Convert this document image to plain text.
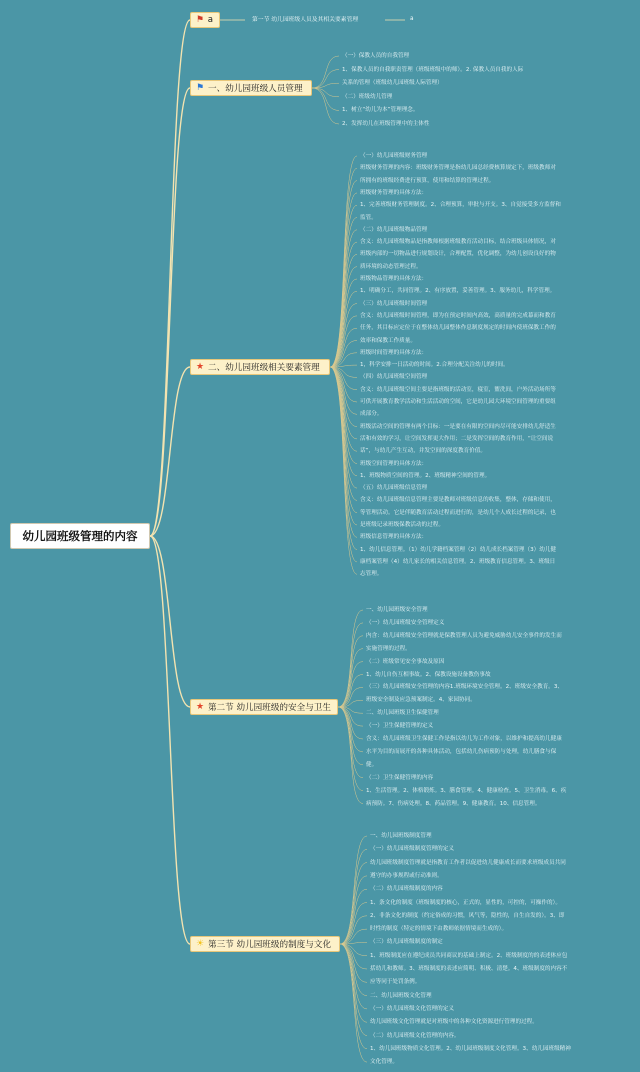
幼儿园班级管理的内容
⚑ a	第一节 幼儿园班级人员及其相关要素管理	a
⚑ 一、幼儿园班级人员管理
★ 二、幼儿园班级相关要素管理
★ 第二节 幼儿园班级的安全与卫生
☀ 第三节 幼儿园班级的制度与文化
（一）保教人员的自我管理
1、保教人员的自我职责管理（班级班级中的师）。2. 保教人员自我的人际
关系的管理（班级幼儿园班级人际管理）
（二）班级幼儿管理
1、树立“幼儿为本”管理理念。
2、发挥幼儿在班级管理中的主体性
（一）幼儿园班级财务管理
班级财务管理的内容：班级财务管理是指幼儿园总经费核算规定下，班级教师对
所拥有的班级经费进行预算，使用和结算的管理过程。
班级财务管理的具体方法：
1、完善班级财务管理制度。2、合理预算，审批与开支。3、自觉接受多方监督和
监管。
（二）幼儿园班级物品管理
含义：幼儿园班级物品是指教师根据班级教育活动目标，结合班级具体情况，对
班级内部的一切物品进行规划设计，合理配置，优化调整，为幼儿创设良好的物
质环境的动态管理过程。
班级物品管理的具体方法：
1、明确分工，共同管理。2、有序放置，妥善管理。3、服务幼儿，科学管理。
（三）幼儿园班级时间管理
含义：幼儿园班级时间管理，即为在预定时间内高效，高质量的完成幕而和教育
任务，其目标应定位于在整体幼儿园整体作息制度规定的时间内使班保教工作的
效率和保教工作质量。
班级时间管理的具体方法：
1，科学安排一日活动的时间。2.合理分配关注幼儿的时间。
（四）幼儿园班级空间管理
含义：幼儿园班级空间主要是指班级的活动室，寝室，盥洗间，户外活动场所等
可供开展教育教学活动和生活活动的空间，它是幼儿园大环境空间管理的重要组
成部分。
班级活动空间的管理有两个目标：一是要在有限的空间内尽可能安排幼儿舒适生
活和有效的学习，让空间发挥更大作用；二是发挥空间的教育作用，“让空间说
话”，与幼儿产生互动，并发空间的深度教育价值。
班级空间管理的具体方法：
1、班级物质空间的管理。2、班级精神空间的管理。
（五）幼儿园班级信息管理
含义：幼儿园班级信息管理主要是教师对班级信息的收集，整体，存储和使用，
等管理活动。它是伴随教育活动过程而进行的，是幼儿个人成长过程的记录，也
是班级记录班级保教活动的过程。
班级信息管理的具体方法：
1、幼儿信息管理。（1）幼儿学籍档案管理（2）幼儿成长档案管理（3）幼儿健
康档案管理（4）幼儿家长的相关信息管理。2、班级教育信息管理。3、班级日
志管理。
一、幼儿园班级安全管理
（一）幼儿园班级安全管理定义
内含：幼儿园班级安全管理就是保教管理人员为避免威胁幼儿安全事件的发生而
实施管理的过程。
（二）班级常见安全事故及原因
1、幼儿自伤互相事故。2、保教设施设备教伤事故
（三）幼儿园班级安全管理的内容1.班级环境安全管理。2、班级安全教育。3、
班级安全制及应急预案制定。4、家园协同。
二、幼儿园班级卫生保健管理
（一）卫生保健管理的定义
含义：幼儿园班级卫生保健工作是指以幼儿为工作对象，以维护和提高幼儿健康
水平为目的而展开的各种具体活动，包括幼儿伤病预防与处理，幼儿膳食与保
健。
（二）卫生保健管理的内容
1、生活管理。2、体格锻炼。3、膳食管理。4、健康检查。5、卫生消毒。6、疾
病预防。7、伤病处理。8、药品管理。9、健康教育。10、信息管理。
一、幼儿园班级制度管理
（一）幼儿园班级制度管理的定义
幼儿园班级制度管理就是指教育工作者以促进幼儿健康成长而要求班级成员共同
遵守的办事规程或行动准则。
（二）幼儿园班级制度的内容
1、条文化的制度（班级制度的核心，正式的，显性的，可控的，可操作的）。
2、非条文化的制度（约定俗成的习惯，风气等，隐性的，自生自发的）。3、即
时性的制度（特定的情境下由教师依据情境而生成的）。
（三）幼儿园班级制度的制定
1、班级制度应在遵纪成员共同商议的基础上制定。2、班级制度的的表述体应包
括幼儿和教师。3、班级制度的表述应简明、积极、清楚。4、班级制度的内容不
应等同于处罚条例。
二、幼儿园班级文化管理
（一）幼儿园班级文化管理的定义
幼儿园班级文化管理就是对班级中的各种文化资源进行管理的过程。
（二）幼儿园班级文化管理的内容。
1、幼儿园班级物质文化管理。2、幼儿园班级制度文化管理。3、幼儿园班级精神
文化管理。
